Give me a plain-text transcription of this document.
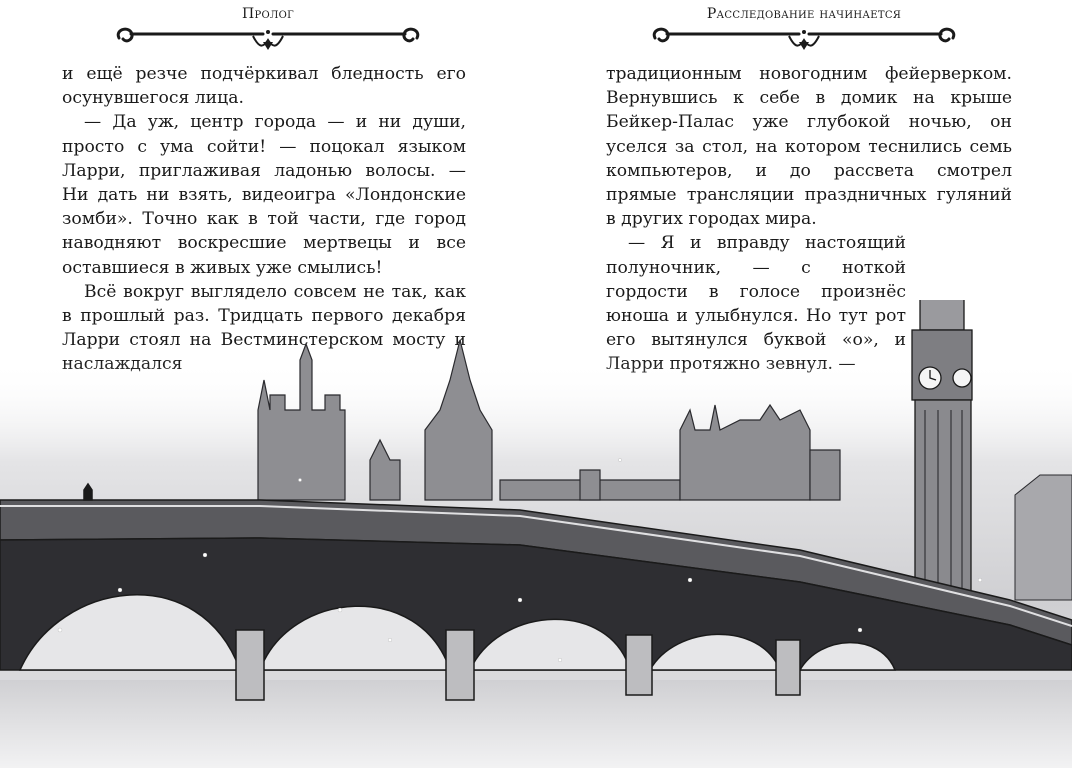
Пролог

и ещё резче подчёркивал бледность его осунувшегося лица.

— Да уж, центр города — и ни души, просто с ума сойти! — поцокал языком Ларри, приглаживая ладонью волосы. — Ни дать ни взять, видеоигра «Лондонские зомби». Точно как в той части, где город наводняют воскресшие мертвецы и все оставшиеся в живых уже смылись!

Всё вокруг выглядело совсем не так, как в прошлый раз. Тридцать первого декабря Ларри стоял на Вестминстерском мосту

Расследование начинается

традиционным новогодним фейерверком. Вернувшись к себе в домик на крыше Бейкер-Палас уже глубокой ночью, он уселся за стол, на котором теснились семь компьютеров, и до рассвета смотрел прямые трансляции праздничных гуляний в других городах мира.

— Я и вправду настоящий полуночник, — с ноткой гордости в голосе произнёс юноша и улыбнулся. Но тут рот его вытянулся буквой «о», и
